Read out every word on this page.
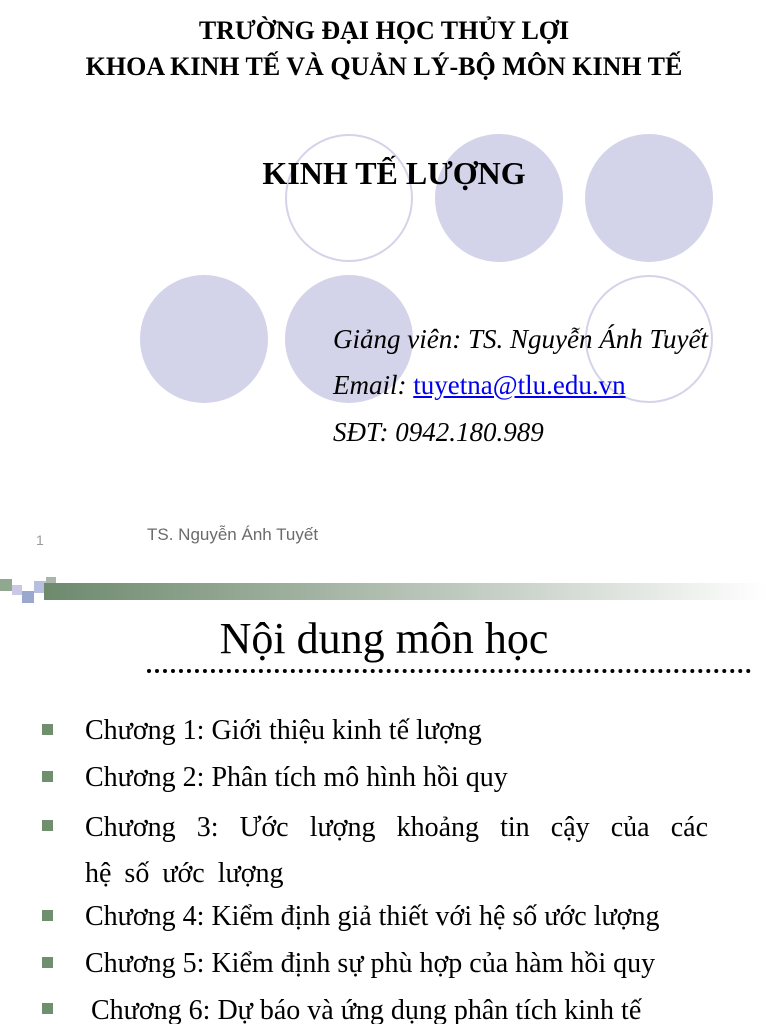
TRƯỜNG ĐẠI HỌC THỦY LỢI
KHOA KINH TẾ VÀ QUẢN LÝ-BỘ MÔN KINH TẾ
KINH TẾ LƯỢNG
Giảng viên: TS. Nguyễn Ánh Tuyết
Email: tuyetna@tlu.edu.vn
SĐT: 0942.180.989
1	TS. Nguyễn Ánh Tuyết
Nội dung môn học
Chương 1: Giới thiệu kinh tế lượng
Chương 2: Phân tích mô hình hồi quy
Chương 3: Ước lượng khoảng tin cậy của các
hệ số ước lượng
Chương 4: Kiểm định giả thiết với hệ số ước lượng
Chương 5: Kiểm định sự phù hợp của hàm hồi quy
Chương 6: Dự báo và ứng dụng phân tích kinh tế
